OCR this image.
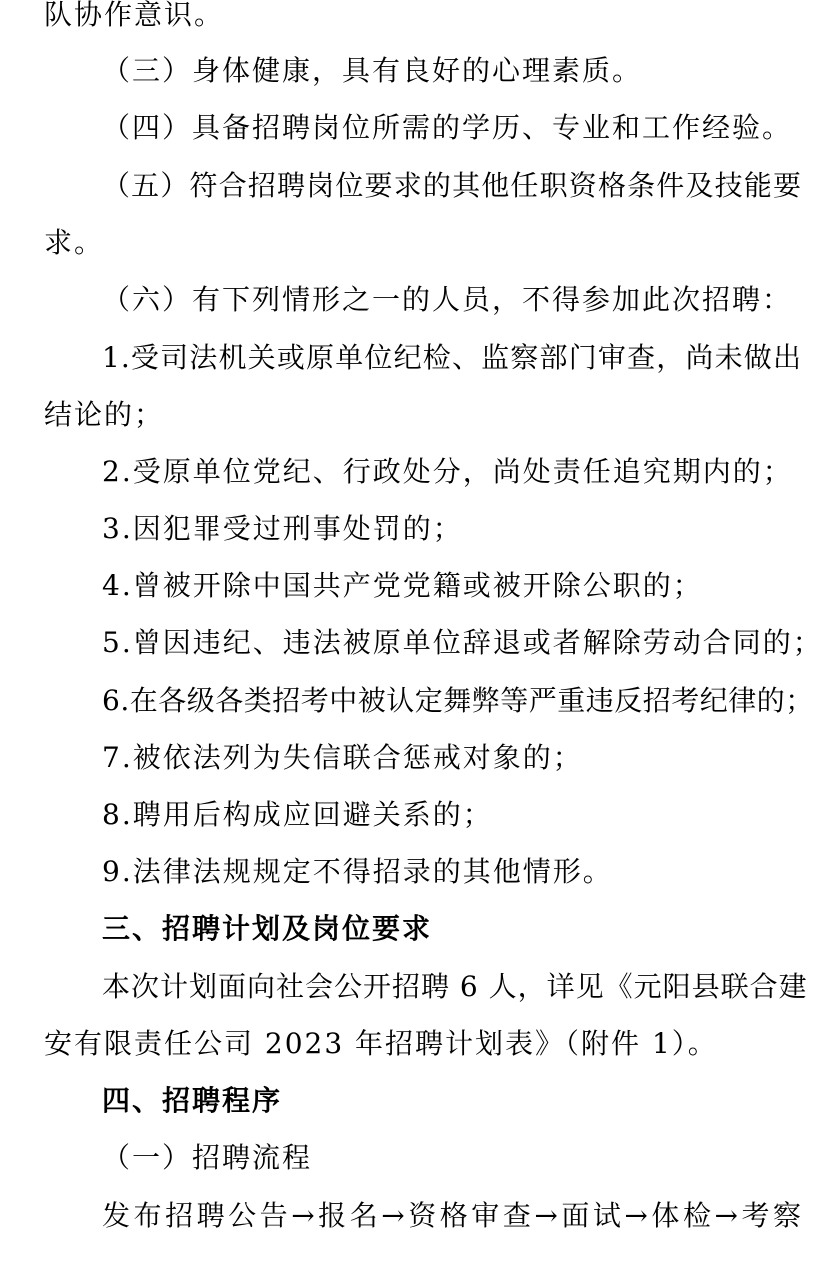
队协作意识。
（三）身体健康，具有良好的心理素质。
（四）具备招聘岗位所需的学历、专业和工作经验。
（五）符合招聘岗位要求的其他任职资格条件及技能要
求。
（六）有下列情形之一的人员，不得参加此次招聘：
1.受司法机关或原单位纪检、监察部门审查，尚未做出
结论的；
2.受原单位党纪、行政处分，尚处责任追究期内的；
3.因犯罪受过刑事处罚的；
4.曾被开除中国共产党党籍或被开除公职的；
5.曾因违纪、违法被原单位辞退或者解除劳动合同的；
6.在各级各类招考中被认定舞弊等严重违反招考纪律的；
7.被依法列为失信联合惩戒对象的；
8.聘用后构成应回避关系的；
9.法律法规规定不得招录的其他情形。
三、招聘计划及岗位要求
本次计划面向社会公开招聘 6 人，详见《元阳县联合建
安有限责任公司 2023 年招聘计划表》（附件 1）。
四、招聘程序
（一）招聘流程
发布招聘公告→报名→资格审查→面试→体检→考察
